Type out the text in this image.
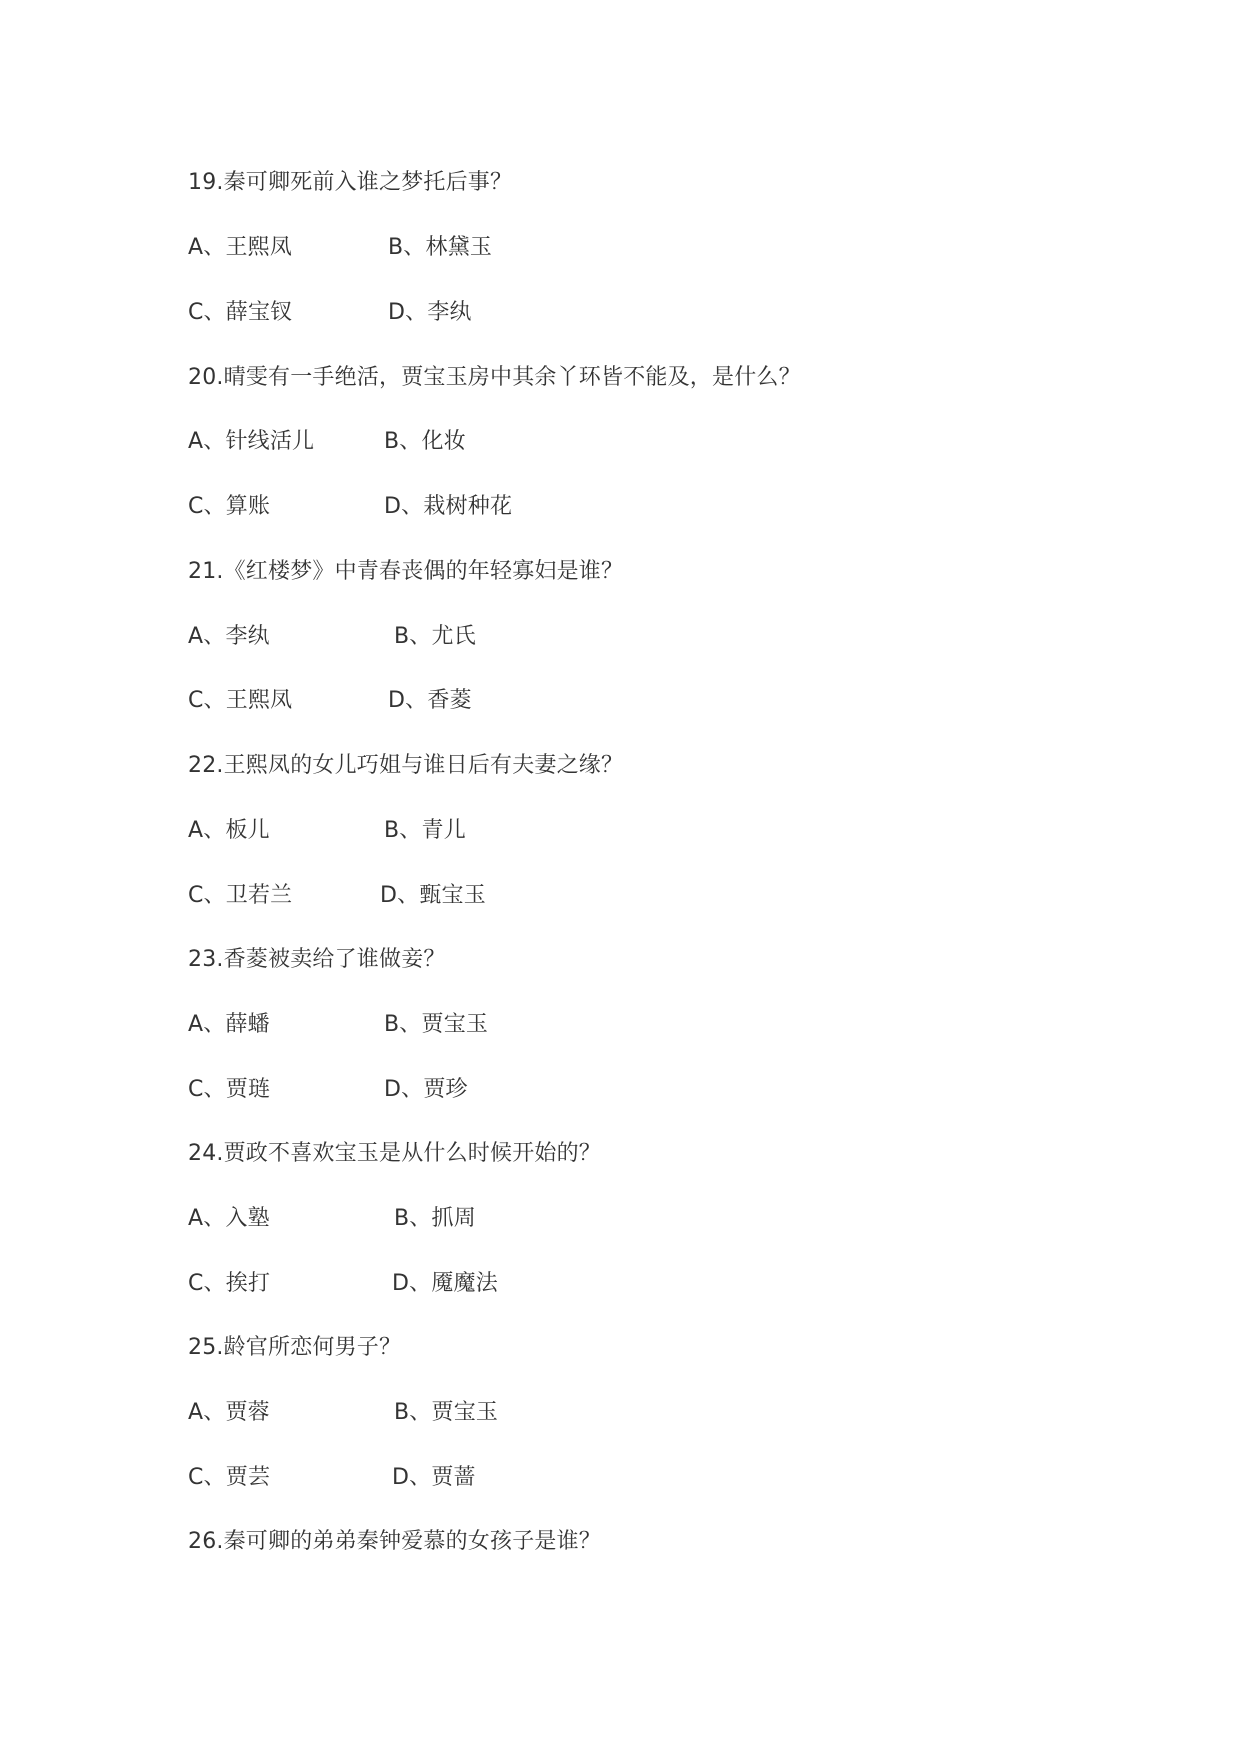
19.秦可卿死前入谁之梦托后事？
A、王熙凤	B、林黛玉
C、薛宝钗	D、李纨
20.晴雯有一手绝活，贾宝玉房中其余丫环皆不能及，是什么？
A、针线活儿	B、化妆
C、算账	D、栽树种花
21.《红楼梦》中青春丧偶的年轻寡妇是谁？
A、李纨	B、尤氏
C、王熙凤	D、香菱
22.王熙凤的女儿巧姐与谁日后有夫妻之缘？
A、板儿	B、青儿
C、卫若兰	D、甄宝玉
23.香菱被卖给了谁做妾？
A、薛蟠	B、贾宝玉
C、贾琏	D、贾珍
24.贾政不喜欢宝玉是从什么时候开始的？
A、入塾	B、抓周
C、挨打	D、魇魔法
25.龄官所恋何男子？
A、贾蓉	B、贾宝玉
C、贾芸	D、贾蔷
26.秦可卿的弟弟秦钟爱慕的女孩子是谁？
